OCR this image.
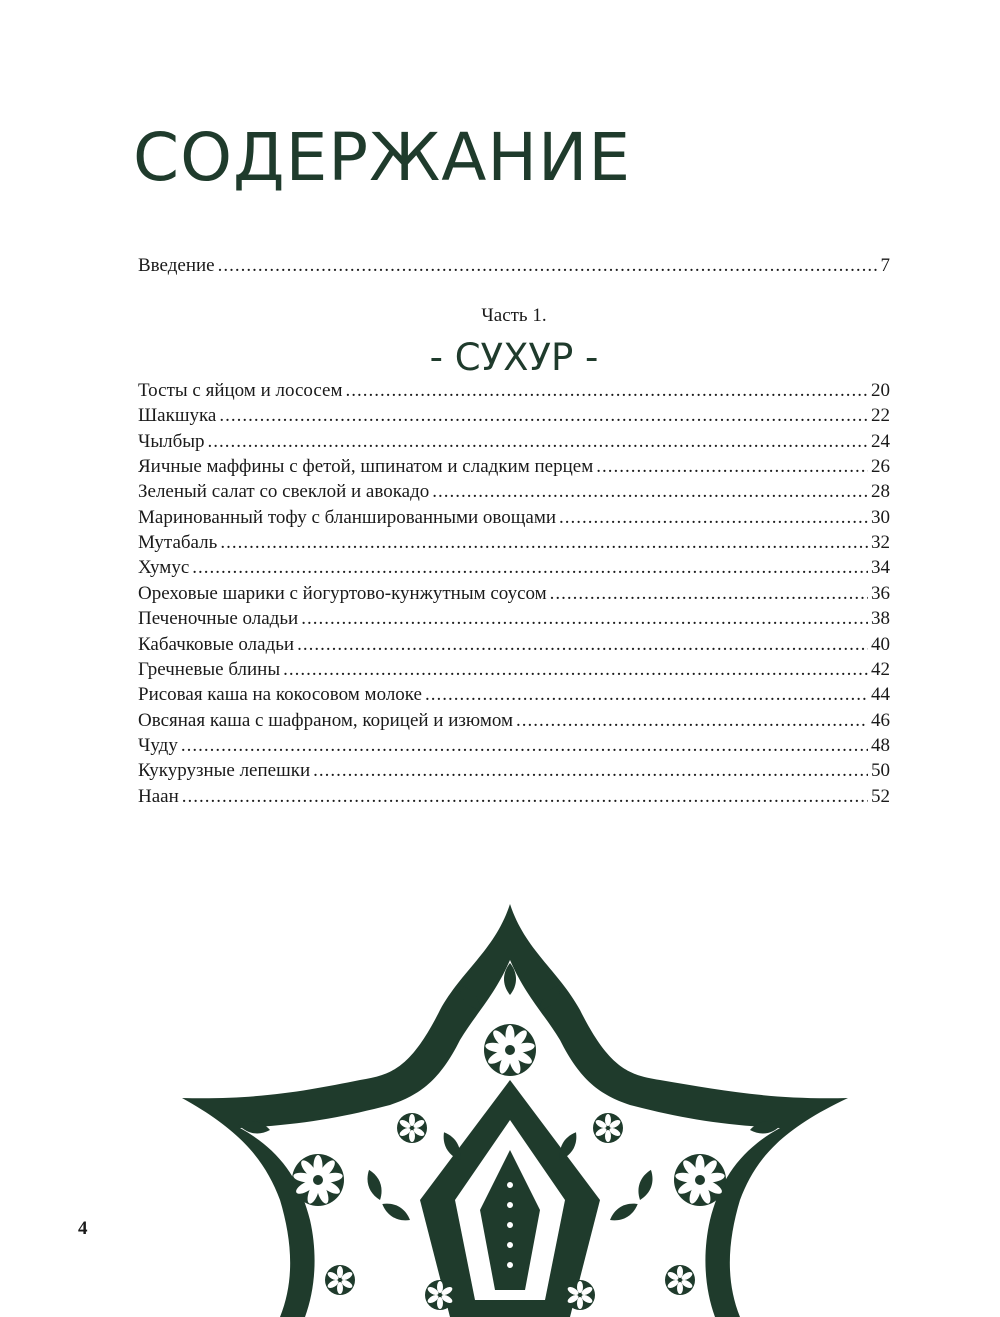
СОДЕРЖАНИЕ
Введение .....	7
Часть 1.
- СУХУР -
Тосты с яйцом и лососем .....	20
Шакшука .....	22
Чылбыр .....	24
Яичные маффины с фетой, шпинатом и сладким перцем .....	26
Зеленый салат со свеклой и авокадо .....	28
Маринованный тофу с бланшированными овощами .....	30
Мутабаль .....	32
Хумус .....	34
Ореховые шарики с йогуртово-кунжутным соусом .....	36
Печеночные оладьи .....	38
Кабачковые оладьи .....	40
Гречневые блины .....	42
Рисовая каша на кокосовом молоке .....	44
Овсяная каша с шафраном, корицей и изюмом .....	46
Чуду .....	48
Кукурузные лепешки .....	50
Наан .....	52
4
